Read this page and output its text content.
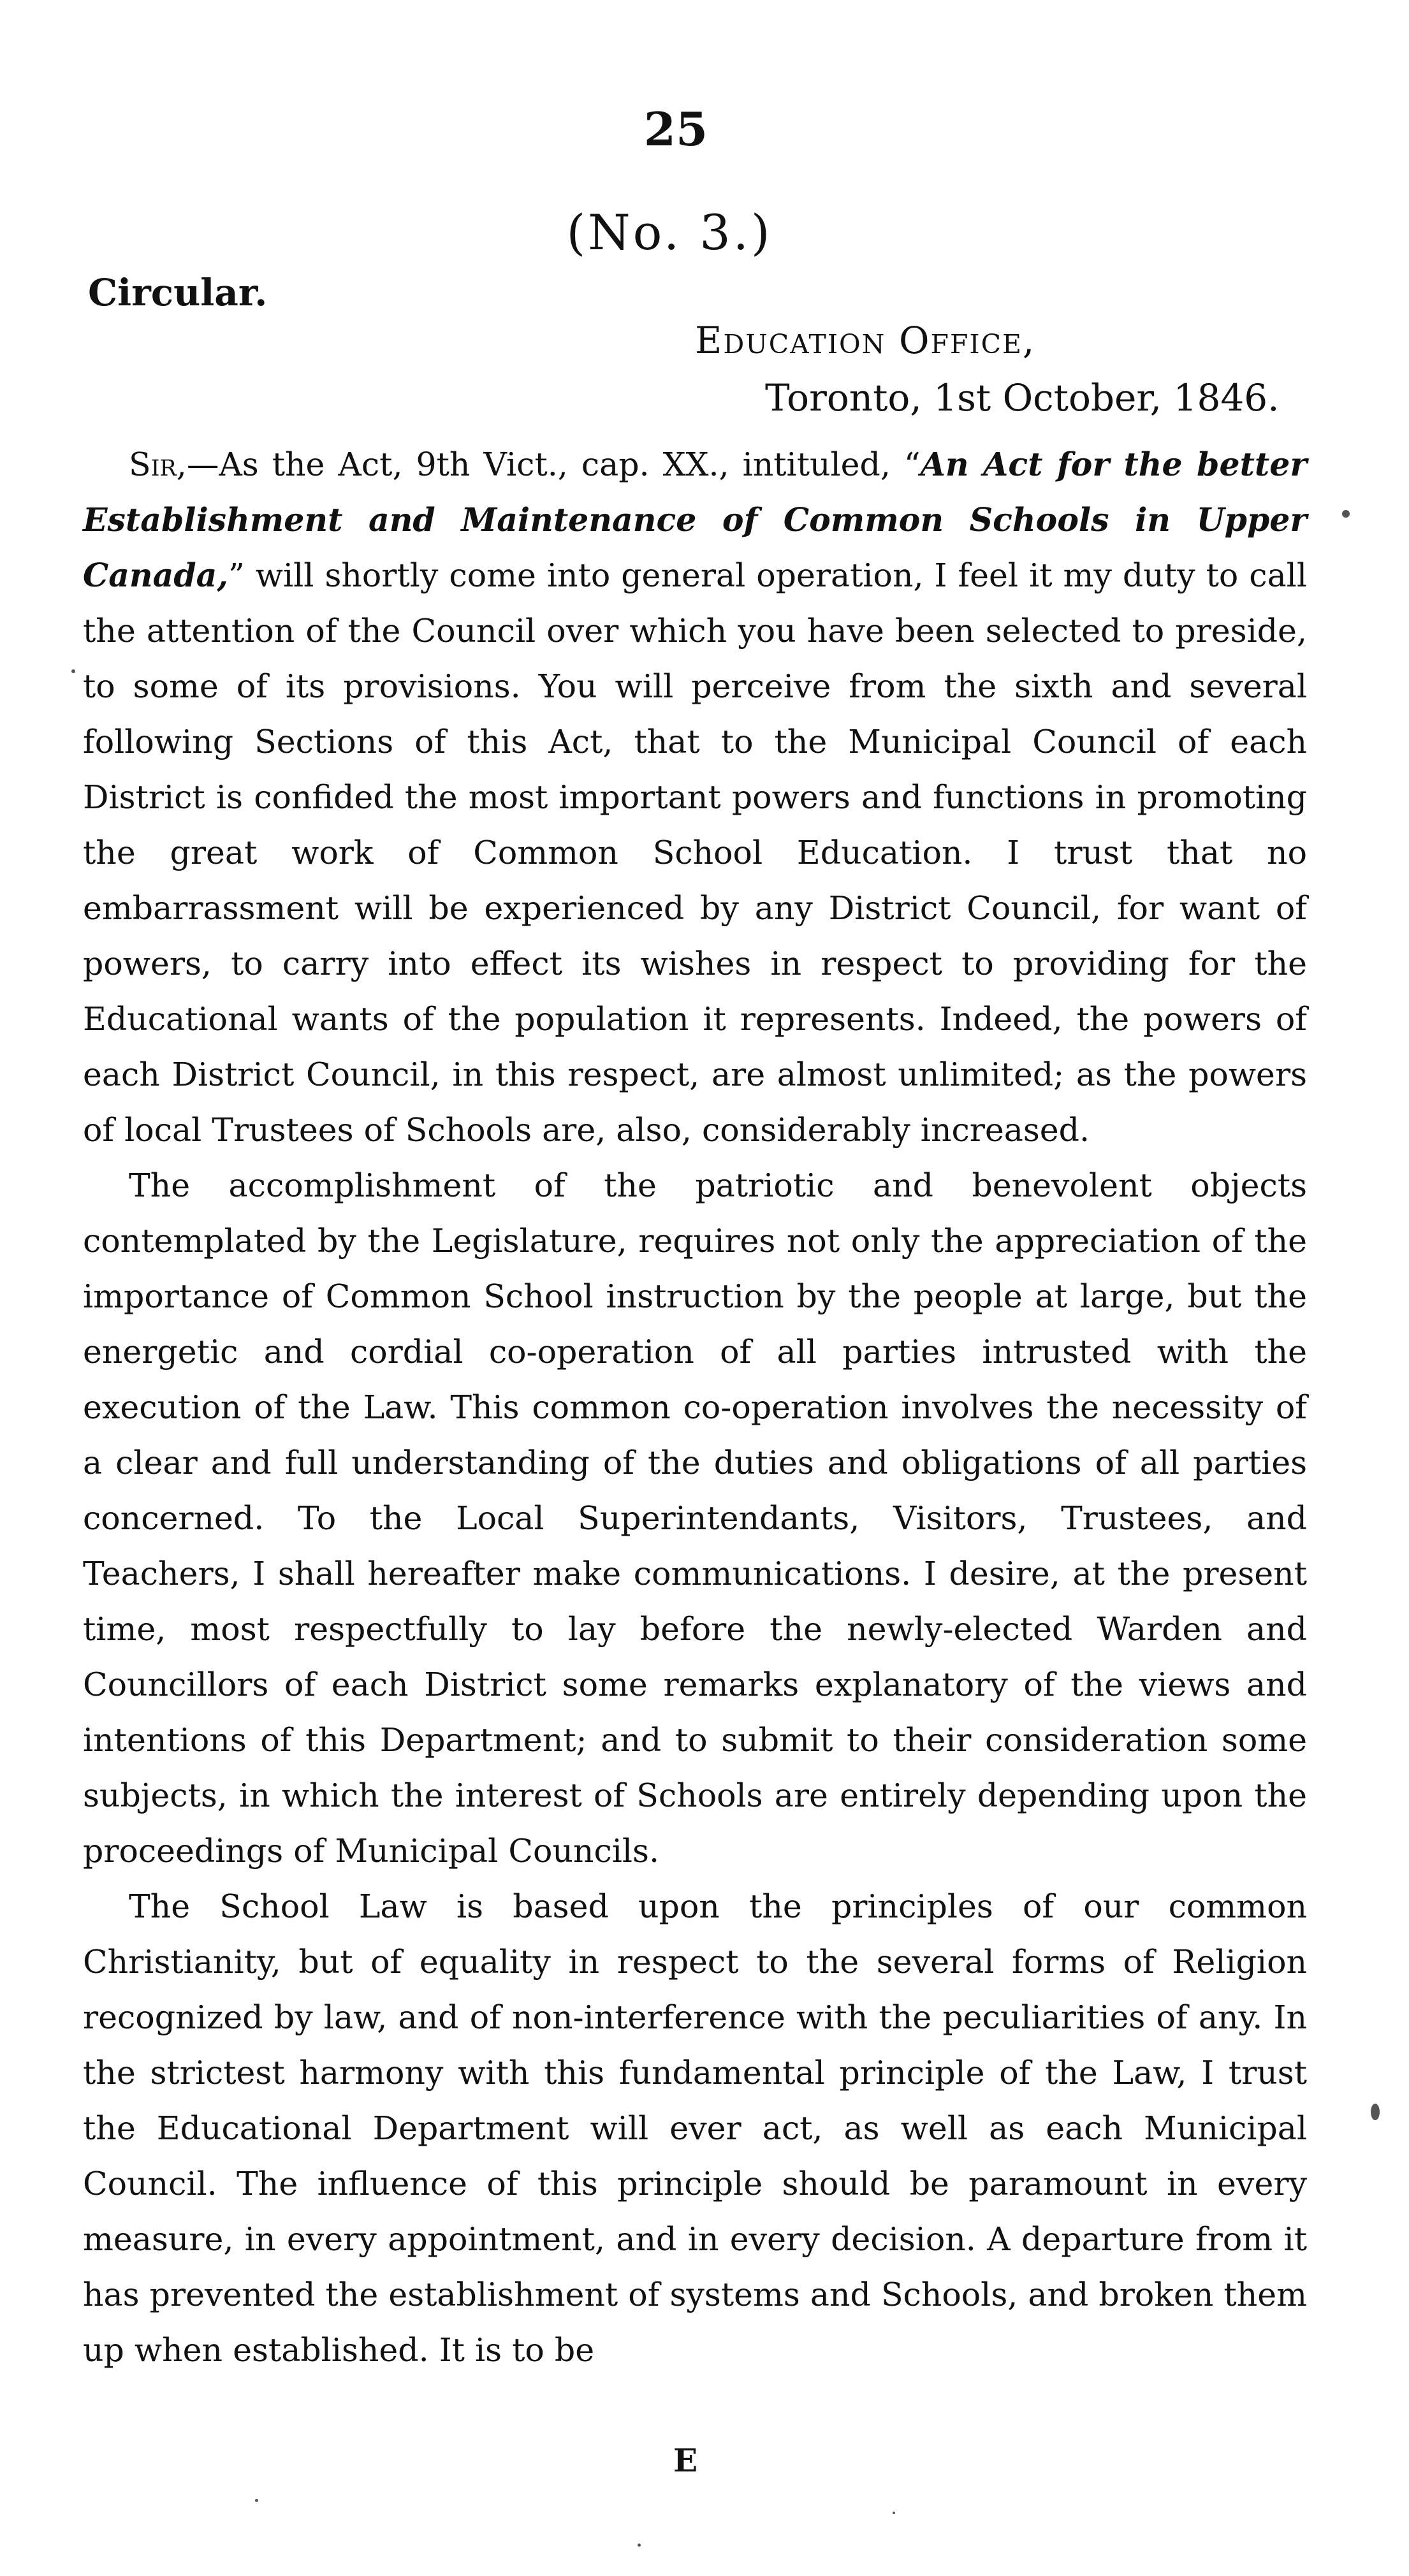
25
(No. 3.)
Circular.
Education Office,
Toronto, 1st October, 1846.

Sir,—As the Act, 9th Vict., cap. XX., intituled, “An Act for the better Establishment and Maintenance of Common Schools in Upper Canada,” will shortly come into general operation, I feel it my duty to call the attention of the Council over which you have been selected to preside, to some of its provisions. You will perceive from the sixth and several following Sections of this Act, that to the Municipal Council of each District is confided the most important powers and functions in promoting the great work of Common School Education. I trust that no embarrassment will be experienced by any District Council, for want of powers, to carry into effect its wishes in respect to providing for the Educational wants of the population it represents. Indeed, the powers of each District Council, in this respect, are almost unlimited; as the powers of local Trustees of Schools are, also, considerably increased.

The accomplishment of the patriotic and benevolent objects contemplated by the Legislature, requires not only the appreciation of the importance of Common School instruction by the people at large, but the energetic and cordial co-operation of all parties intrusted with the execution of the Law. This common co-operation involves the necessity of a clear and full understanding of the duties and obligations of all parties concerned. To the Local Superintendants, Visitors, Trustees, and Teachers, I shall hereafter make communications. I desire, at the present time, most respectfully to lay before the newly-elected Warden and Councillors of each District some remarks explanatory of the views and intentions of this Department; and to submit to their consideration some subjects, in which the interest of Schools are entirely depending upon the proceedings of Municipal Councils.

The School Law is based upon the principles of our common Christianity, but of equality in respect to the several forms of Religion recognized by law, and of non-interference with the peculiarities of any. In the strictest harmony with this fundamental principle of the Law, I trust the Educational Department will ever act, as well as each Municipal Council. The influence of this principle should be paramount in every measure, in every appointment, and in every decision. A departure from it has prevented the establishment of systems and Schools, and broken them up when established. It is to be

E
